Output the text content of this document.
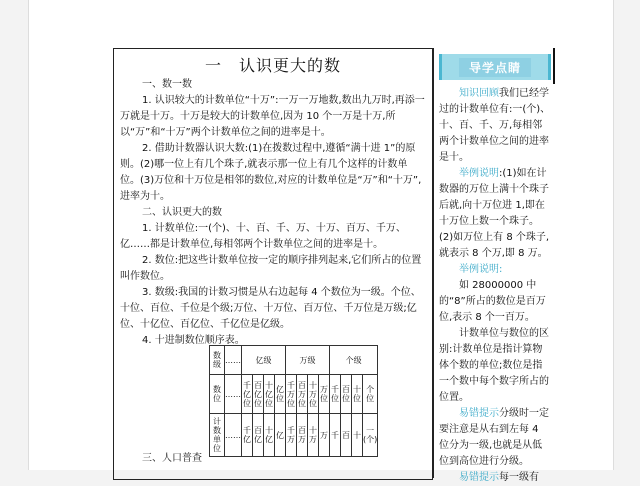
一　认识更大的数

一、数一数

1. 认识较大的计数单位“十万”:一万一万地数,数出九万时,再添一万就是十万。十万是较大的计数单位,因为 10 个一万是十万,所以“万”和“十万”两个计数单位之间的进率是十。

2. 借助计数器认识大数:(1)在拨数过程中,遵循“满十进 1”的原则。(2)哪一位上有几个珠子,就表示那一位上有几个这样的计数单位。(3)万位和十万位是相邻的数位,对应的计数单位是“万”和“十万”,进率为十。

二、认识更大的数

1. 计数单位:一(个)、十、百、千、万、十万、百万、千万、亿……都是计数单位,每相邻两个计数单位之间的进率是十。

2. 数位:把这些计数单位按一定的顺序排列起来,它们所占的位置叫作数位。

3. 数级:我国的计数习惯是从右边起每 4 个数位为一级。个位、十位、百位、千位是个级;万位、十万位、百万位、千万位是万级;亿位、十亿位、百亿位、千亿位是亿级。

4. 十进制数位顺序表。

数级	……	亿级				万级				个级			
数位	……	千亿位	百亿位	十亿位	亿位	千万位	百万位	十万位	万位	千位	百位	十位	个位
计数单位	……	千亿	百亿	十亿	亿	千万	百万	十万	万	千	百	十	一(个)

三、人口普查

导学点睛

知识回顾我们已经学过的计数单位有:一(个)、十、百、千、万,每相邻两个计数单位之间的进率是十。

举例说明:(1)如在计数器的万位上满十个珠子后就,向十万位进 1,即在十万位上数一个珠子。(2)如万位上有 8 个珠子,就表示 8 个万,即 8 万。

举例说明:

如 28000000 中的“8”所占的数位是百万位,表示 8 个一百万。

计数单位与数位的区别:计数单位是指计算物体个数的单位;数位是指一个数中每个数字所占的位置。

易错提示分级时一定要注意是从右到左每 4 位分为一级,也就是从低位到高位进行分级。

易错提示每一级有
